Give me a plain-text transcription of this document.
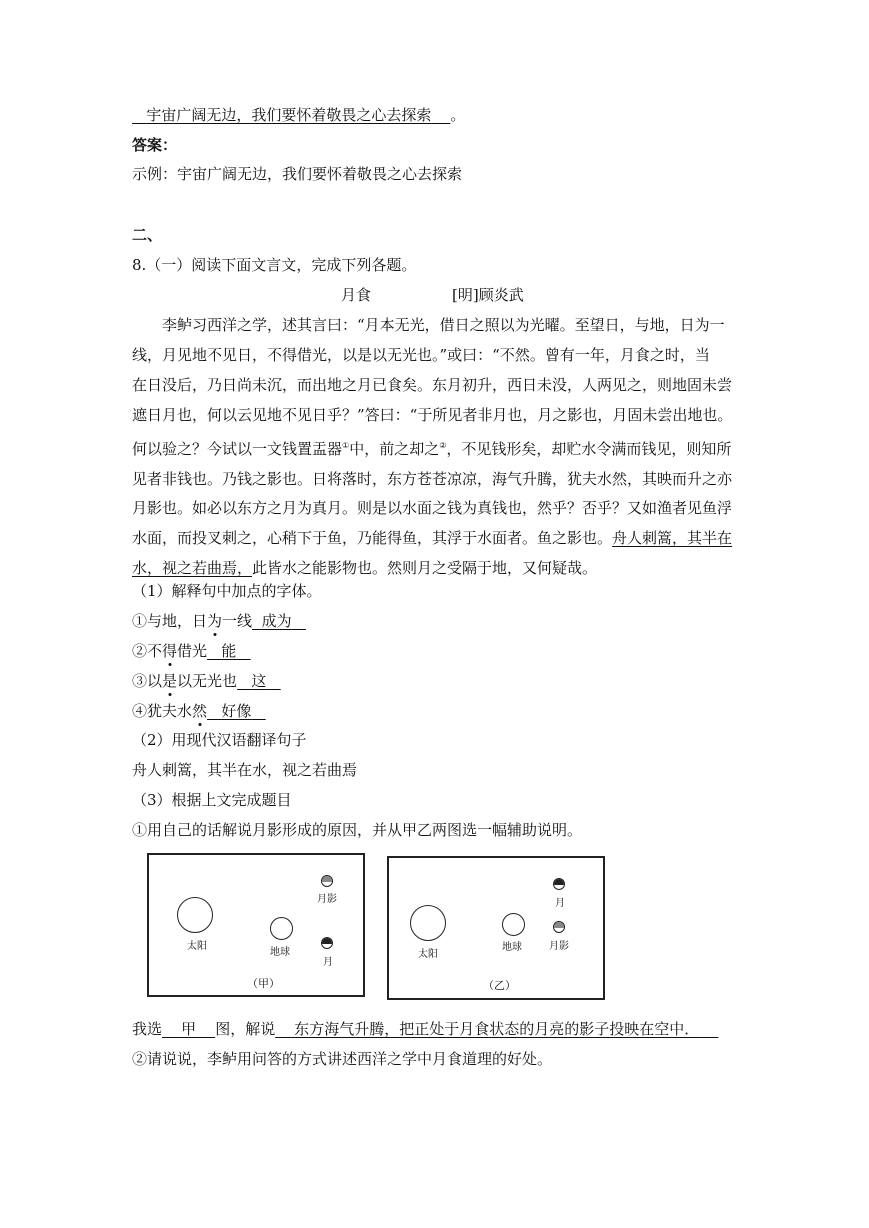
宇宙广阔无边，我们要怀着敬畏之心去探索 。
答案：
示例：宇宙广阔无边，我们要怀着敬畏之心去探索
二、
8.（一）阅读下面文言文，完成下列各题。
月食	[明]顾炎武
李鲈习西洋之学，述其言曰：“月本无光，借日之照以为光曜。至望日，与地，日为一
线，月见地不见日，不得借光，以是以无光也。”或曰：“不然。曾有一年，月食之时，当
在日没后，乃日尚未沉，而出地之月已食矣。东月初升，西日未没，人两见之，则地固未尝
遮日月也，何以云见地不见日乎？”答曰：“于所见者非月也，月之影也，月固未尝出地也。
何以验之？今试以一文钱置盂器①中，前之却之②，不见钱形矣，却贮水令满而钱见，则知所
见者非钱也。乃钱之影也。日将落时，东方苍苍凉凉，海气升腾，犹夫水然，其映而升之亦
月影也。如必以东方之月为真月。则是以水面之钱为真钱也，然乎？否乎？又如渔者见鱼浮
水面，而投叉刺之，心稍下于鱼，乃能得鱼，其浮于水面者。鱼之影也。舟人刺篙，其半在
水，视之若曲焉，此皆水之能影物也。然则月之受隔于地，又何疑哉。
（1）解释句中加点的字体。
①与地，日为一线 成为
②不得借光 能
③以是以无光也 这
④犹夫水然 好像
（2）用现代汉语翻译句子
舟人刺篙，其半在水，视之若曲焉
（3）根据上文完成题目
①用自己的话解说月影形成的原因，并从甲乙两图选一幅辅助说明。
太阳
地球
月影
月
（甲）
太阳
地球
月
月影
（乙）
我选 甲 图，解说 东方海气升腾，把正处于月食状态的月亮的影子投映在空中．
②请说说，李鲈用问答的方式讲述西洋之学中月食道理的好处。
